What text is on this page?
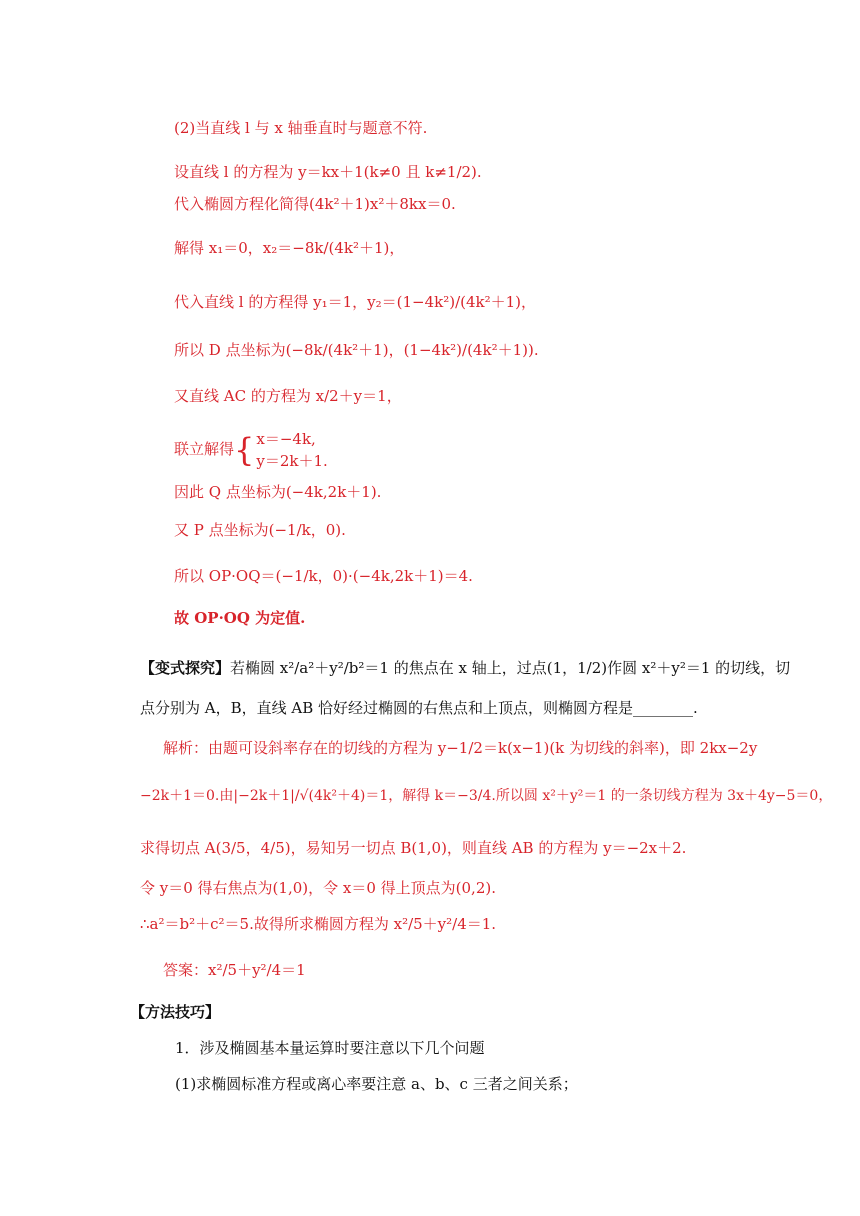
(2)当直线 l 与 x 轴垂直时与题意不符.
设直线 l 的方程为 y＝kx＋1(k≠0 且 k≠1/2).
代入椭圆方程化简得(4k²＋1)x²＋8kx＝0.
解得 x₁＝0，x₂＝−8k/(4k²＋1)，
代入直线 l 的方程得 y₁＝1，y₂＝(1−4k²)/(4k²＋1)，
所以 D 点坐标为(−8k/(4k²＋1)，(1−4k²)/(4k²＋1)).
又直线 AC 的方程为 x/2＋y＝1，
联立解得{ x＝−4k,
y＝2k＋1.
因此 Q 点坐标为(−4k,2k＋1).
又 P 点坐标为(−1/k，0).
所以 OP·OQ＝(−1/k，0)·(−4k,2k＋1)＝4.
故 OP·OQ 为定值.
【变式探究】若椭圆 x²/a²＋y²/b²＝1 的焦点在 x 轴上，过点(1，1/2)作圆 x²＋y²＝1 的切线，切
点分别为 A，B，直线 AB 恰好经过椭圆的右焦点和上顶点，则椭圆方程是________.
解析：由题可设斜率存在的切线的方程为 y−1/2＝k(x−1)(k 为切线的斜率)，即 2kx−2y
−2k＋1＝0.由|−2k＋1|/√(4k²＋4)＝1，解得 k＝−3/4.所以圆 x²＋y²＝1 的一条切线方程为 3x＋4y−5＝0，
求得切点 A(3/5，4/5)，易知另一切点 B(1,0)，则直线 AB 的方程为 y＝−2x＋2.
令 y＝0 得右焦点为(1,0)，令 x＝0 得上顶点为(0,2).
∴a²＝b²＋c²＝5.故得所求椭圆方程为 x²/5＋y²/4＝1.
答案：x²/5＋y²/4＝1
【方法技巧】
1．涉及椭圆基本量运算时要注意以下几个问题
(1)求椭圆标准方程或离心率要注意 a、b、c 三者之间关系；
